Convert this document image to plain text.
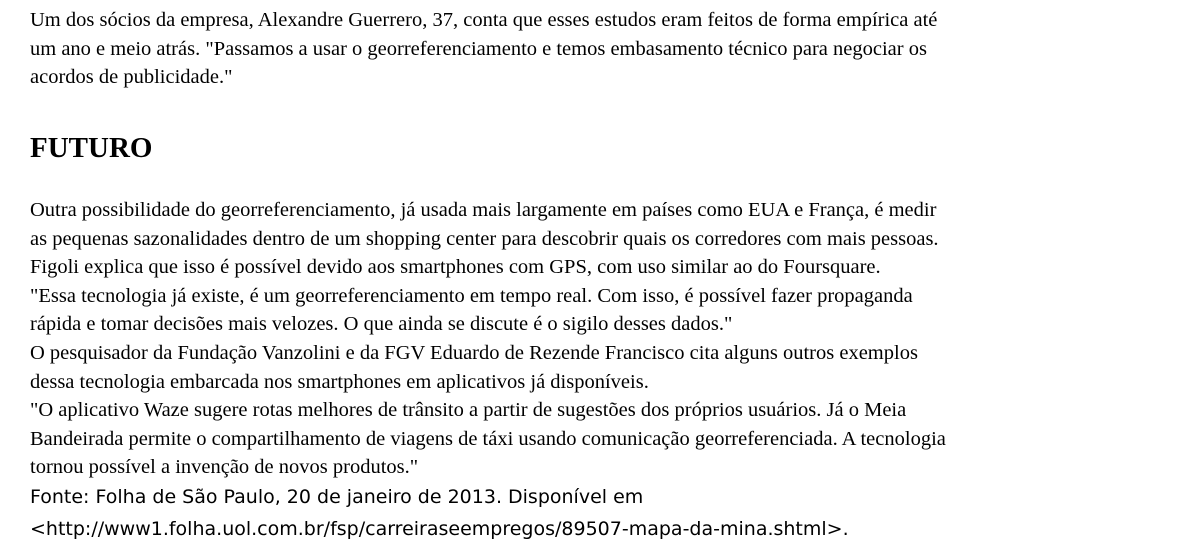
Um dos sócios da empresa, Alexandre Guerrero, 37, conta que esses estudos eram feitos de forma empírica até
um ano e meio atrás. "Passamos a usar o georreferenciamento e temos embasamento técnico para negociar os
acordos de publicidade."

FUTURO

Outra possibilidade do georreferenciamento, já usada mais largamente em países como EUA e França, é medir
as pequenas sazonalidades dentro de um shopping center para descobrir quais os corredores com mais pessoas.
Figoli explica que isso é possível devido aos smartphones com GPS, com uso similar ao do Foursquare.
"Essa tecnologia já existe, é um georreferenciamento em tempo real. Com isso, é possível fazer propaganda
rápida e tomar decisões mais velozes. O que ainda se discute é o sigilo desses dados."
O pesquisador da Fundação Vanzolini e da FGV Eduardo de Rezende Francisco cita alguns outros exemplos
dessa tecnologia embarcada nos smartphones em aplicativos já disponíveis.
"O aplicativo Waze sugere rotas melhores de trânsito a partir de sugestões dos próprios usuários. Já o Meia
Bandeirada permite o compartilhamento de viagens de táxi usando comunicação georreferenciada. A tecnologia
tornou possível a invenção de novos produtos."

Fonte: Folha de São Paulo, 20 de janeiro de 2013. Disponível em
<http://www1.folha.uol.com.br/fsp/carreiraseempregos/89507-mapa-da-mina.shtml>.
